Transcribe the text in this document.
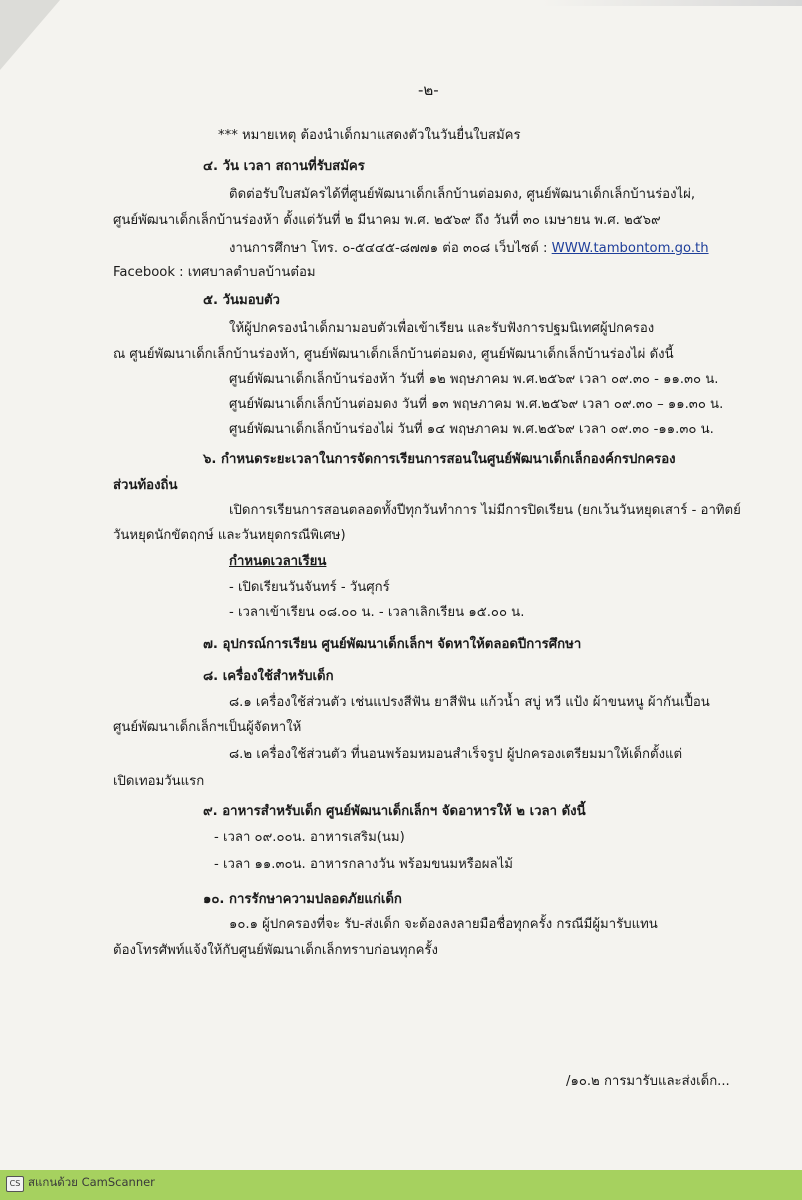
-๒-
*** หมายเหตุ ต้องนำเด็กมาแสดงตัวในวันยื่นใบสมัคร
๔. วัน เวลา สถานที่รับสมัคร
ติดต่อรับใบสมัครได้ที่ศูนย์พัฒนาเด็กเล็กบ้านต่อมดง, ศูนย์พัฒนาเด็กเล็กบ้านร่องไผ่,
ศูนย์พัฒนาเด็กเล็กบ้านร่องห้า ตั้งแต่วันที่ ๒ มีนาคม พ.ศ. ๒๕๖๙ ถึง วันที่ ๓๐ เมษายน พ.ศ. ๒๕๖๙
งานการศึกษา โทร. ๐-๕๔๔๕-๘๗๗๑ ต่อ ๓๐๘ เว็บไซต์ : WWW.tambontom.go.th
Facebook : เทศบาลตำบลบ้านต๋อม
๕. วันมอบตัว
ให้ผู้ปกครองนำเด็กมามอบตัวเพื่อเข้าเรียน และรับฟังการปฐมนิเทศผู้ปกครอง
ณ ศูนย์พัฒนาเด็กเล็กบ้านร่องห้า, ศูนย์พัฒนาเด็กเล็กบ้านต่อมดง, ศูนย์พัฒนาเด็กเล็กบ้านร่องไผ่ ดังนี้
ศูนย์พัฒนาเด็กเล็กบ้านร่องห้า วันที่ ๑๒ พฤษภาคม พ.ศ.๒๕๖๙ เวลา ๐๙.๓๐ - ๑๑.๓๐ น.
ศูนย์พัฒนาเด็กเล็กบ้านต่อมดง วันที่ ๑๓ พฤษภาคม พ.ศ.๒๕๖๙ เวลา ๐๙.๓๐ – ๑๑.๓๐ น.
ศูนย์พัฒนาเด็กเล็กบ้านร่องไผ่ วันที่ ๑๔ พฤษภาคม พ.ศ.๒๕๖๙ เวลา ๐๙.๓๐ -๑๑.๓๐ น.
๖. กำหนดระยะเวลาในการจัดการเรียนการสอนในศูนย์พัฒนาเด็กเล็กองค์กรปกครอง
ส่วนท้องถิ่น
เปิดการเรียนการสอนตลอดทั้งปีทุกวันทำการ ไม่มีการปิดเรียน (ยกเว้นวันหยุดเสาร์ - อาทิตย์
วันหยุดนักขัตฤกษ์ และวันหยุดกรณีพิเศษ)
กำหนดเวลาเรียน
- เปิดเรียนวันจันทร์ - วันศุกร์
- เวลาเข้าเรียน ๐๘.๐๐ น. - เวลาเลิกเรียน ๑๕.๐๐ น.
๗. อุปกรณ์การเรียน ศูนย์พัฒนาเด็กเล็กฯ จัดหาให้ตลอดปีการศึกษา
๘. เครื่องใช้สำหรับเด็ก
๘.๑ เครื่องใช้ส่วนตัว เช่นแปรงสีฟัน ยาสีฟัน แก้วน้ำ สบู่ หวี แป้ง ผ้าขนหนู ผ้ากันเปื้อน
ศูนย์พัฒนาเด็กเล็กฯเป็นผู้จัดหาให้
๘.๒ เครื่องใช้ส่วนตัว ที่นอนพร้อมหมอนสำเร็จรูป ผู้ปกครองเตรียมมาให้เด็กตั้งแต่
เปิดเทอมวันแรก
๙. อาหารสำหรับเด็ก ศูนย์พัฒนาเด็กเล็กฯ จัดอาหารให้ ๒ เวลา ดังนี้
- เวลา ๐๙.๐๐น. อาหารเสริม(นม)
- เวลา ๑๑.๓๐น. อาหารกลางวัน พร้อมขนมหรือผลไม้
๑๐. การรักษาความปลอดภัยแก่เด็ก
๑๐.๑ ผู้ปกครองที่จะ รับ-ส่งเด็ก จะต้องลงลายมือชื่อทุกครั้ง กรณีมีผู้มารับแทน
ต้องโทรศัพท์แจ้งให้กับศูนย์พัฒนาเด็กเล็กทราบก่อนทุกครั้ง
/๑๐.๒ การมารับและส่งเด็ก...
CS สแกนด้วย CamScanner
